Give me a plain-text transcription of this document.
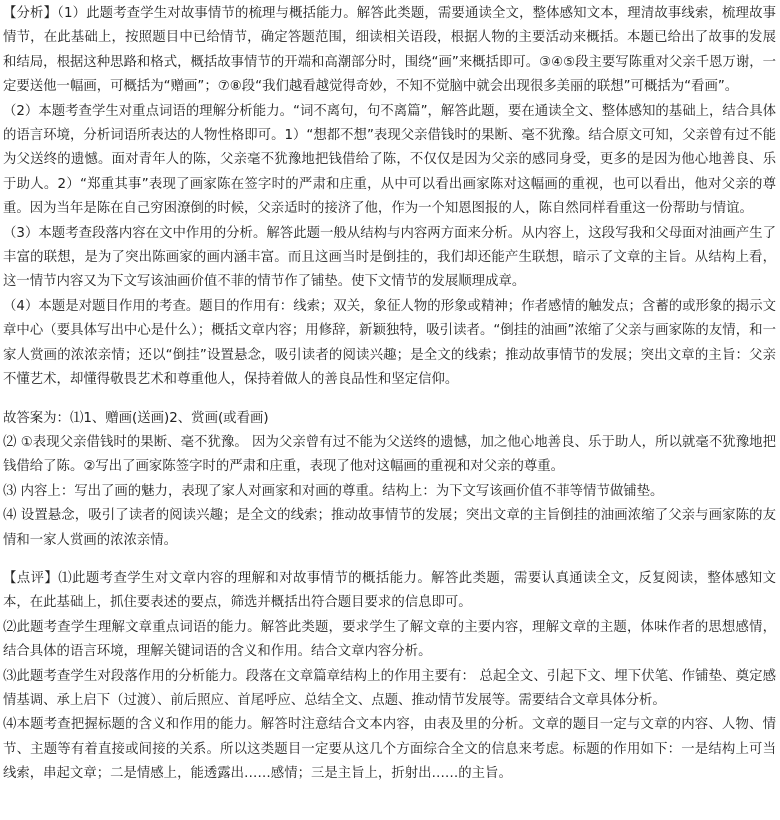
【分析】（1）此题考查学生对故事情节的梳理与概括能力。解答此类题，需要通读全文，整体感知文本，理清故事线索，梳理故事情节，在此基础上，按照题目中已给情节，确定答题范围，细读相关语段，根据人物的主要活动来概括。本题已给出了故事的发展和结局，根据这种思路和格式，概括故事情节的开端和高潮部分时，围绕“画”来概括即可。③④⑤段主要写陈重对父亲千恩万谢，一定要送他一幅画，可概括为“赠画”；⑦⑧段“我们越看越觉得奇妙，不知不觉脑中就会出现很多美丽的联想”可概括为“看画”。

（2）本题考查学生对重点词语的理解分析能力。“词不离句，句不离篇”，解答此题，要在通读全文、整体感知的基础上，结合具体的语言环境，分析词语所表达的人物性格即可。1）“想都不想”表现父亲借钱时的果断、毫不犹豫。结合原文可知，父亲曾有过不能为父送终的遗憾。面对青年人的陈，父亲毫不犹豫地把钱借给了陈，不仅仅是因为父亲的感同身受，更多的是因为他心地善良、乐于助人。2）“郑重其事”表现了画家陈在签字时的严肃和庄重，从中可以看出画家陈对这幅画的重视，也可以看出，他对父亲的尊重。因为当年是陈在自己穷困潦倒的时候，父亲适时的接济了他，作为一个知恩图报的人，陈自然同样看重这一份帮助与情谊。

（3）本题考查段落内容在文中作用的分析。解答此题一般从结构与内容两方面来分析。从内容上，这段写我和父母面对油画产生了丰富的联想，是为了突出陈画家的画内涵丰富。而且这画当时是倒挂的，我们却还能产生联想，暗示了文章的主旨。从结构上看，这一情节内容又为下文写该油画价值不菲的情节作了铺垫。使下文情节的发展顺理成章。

（4）本题是对题目作用的考查。题目的作用有：线索；双关，象征人物的形象或精神；作者感情的触发点；含蓄的或形象的揭示文章中心（要具体写出中心是什么）；概括文章内容；用修辞，新颖独特，吸引读者。“倒挂的油画”浓缩了父亲与画家陈的友情，和一家人赏画的浓浓亲情；还以“倒挂”设置悬念，吸引读者的阅读兴趣；是全文的线索；推动故事情节的发展；突出文章的主旨：父亲不懂艺术，却懂得敬畏艺术和尊重他人，保持着做人的善良品性和坚定信仰。

故答案为：⑴1、赠画(送画)2、赏画(或看画)

⑵ ①表现父亲借钱时的果断、毫不犹豫。 因为父亲曾有过不能为父送终的遗憾，加之他心地善良、乐于助人，所以就毫不犹豫地把钱借给了陈。②写出了画家陈签字时的严肃和庄重，表现了他对这幅画的重视和对父亲的尊重。

⑶ 内容上：写出了画的魅力，表现了家人对画家和对画的尊重。结构上：为下文写该画价值不菲等情节做铺垫。

⑷ 设置悬念，吸引了读者的阅读兴趣；是全文的线索；推动故事情节的发展；突出文章的主旨倒挂的油画浓缩了父亲与画家陈的友情和一家人赏画的浓浓亲情。

【点评】⑴此题考查学生对文章内容的理解和对故事情节的概括能力。解答此类题，需要认真通读全文，反复阅读，整体感知文本，在此基础上，抓住要表述的要点，筛选并概括出符合题目要求的信息即可。

⑵此题考查学生理解文章重点词语的能力。解答此类题，要求学生了解文章的主要内容，理解文章的主题，体味作者的思想感情，结合具体的语言环境，理解关键词语的含义和作用。结合文章内容分析。

⑶此题考查学生对段落作用的分析能力。段落在文章篇章结构上的作用主要有： 总起全文、引起下文、埋下伏笔、作铺垫、奠定感情基调、承上启下（过渡）、前后照应、首尾呼应、总结全文、点题、推动情节发展等。需要结合文章具体分析。

⑷本题考查把握标题的含义和作用的能力。解答时注意结合文本内容，由表及里的分析。文章的题目一定与文章的内容、人物、情节、主题等有着直接或间接的关系。所以这类题目一定要从这几个方面综合全文的信息来考虑。标题的作用如下：一是结构上可当线索，串起文章；二是情感上，能透露出……感情；三是主旨上，折射出……的主旨。
